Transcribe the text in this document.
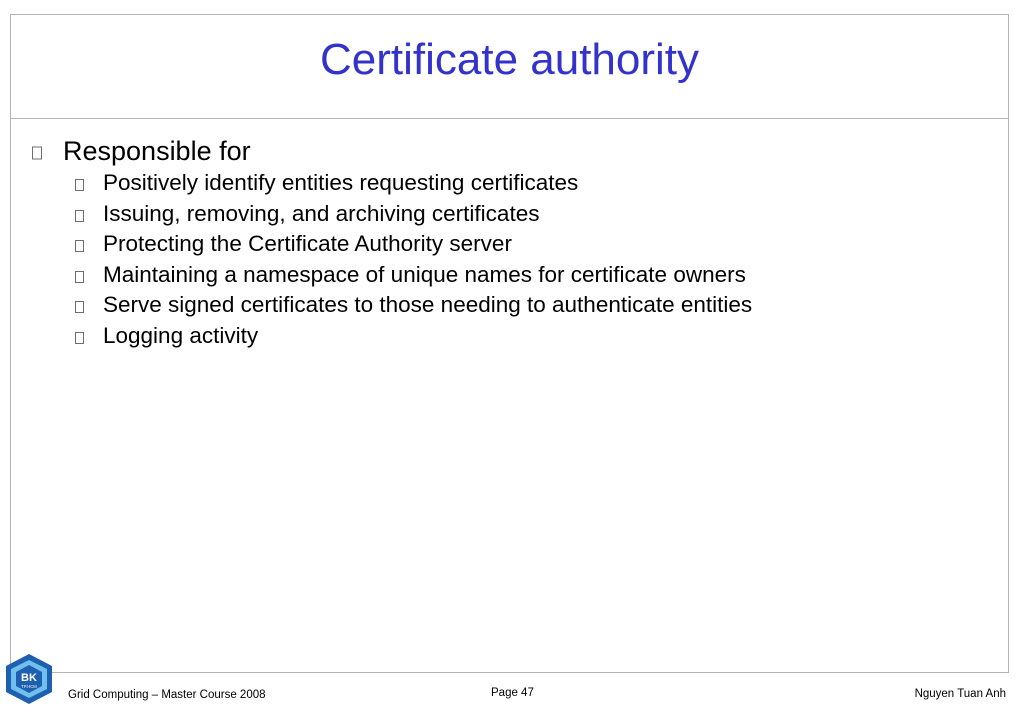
Certificate authority
Responsible for
Positively identify entities requesting certificates
Issuing, removing, and archiving certificates
Protecting the Certificate Authority server
Maintaining a namespace of unique names for certificate owners
Serve signed certificates to those needing to authenticate entities
Logging activity
BK
TP.HCM
Grid Computing – Master Course 2008	Page 47	Nguyen Tuan Anh
